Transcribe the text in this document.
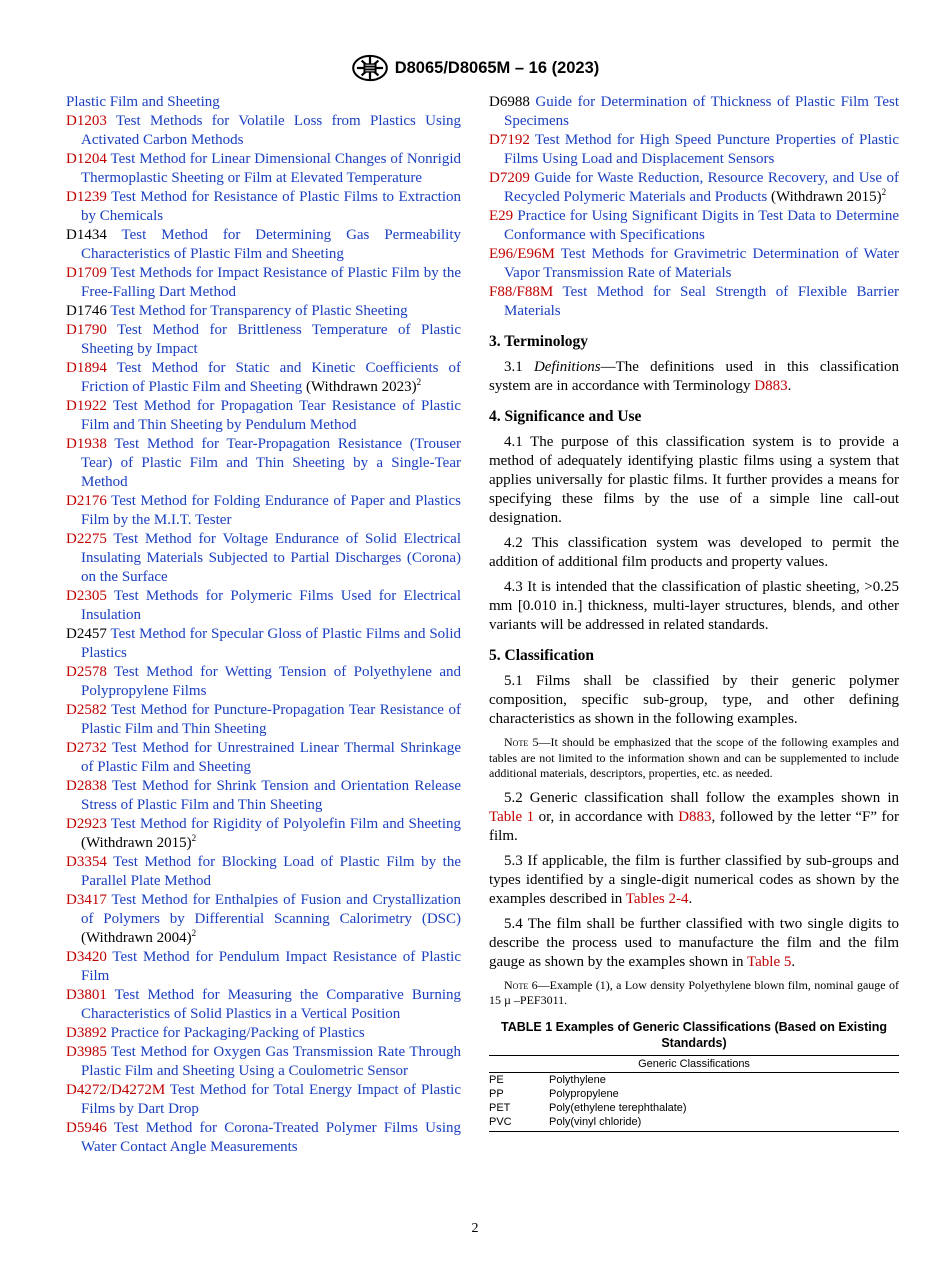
D8065/D8065M – 16 (2023)
Plastic Film and Sheeting
D1203 Test Methods for Volatile Loss from Plastics Using Activated Carbon Methods
D1204 Test Method for Linear Dimensional Changes of Nonrigid Thermoplastic Sheeting or Film at Elevated Temperature
D1239 Test Method for Resistance of Plastic Films to Extraction by Chemicals
D1434 Test Method for Determining Gas Permeability Characteristics of Plastic Film and Sheeting
D1709 Test Methods for Impact Resistance of Plastic Film by the Free-Falling Dart Method
D1746 Test Method for Transparency of Plastic Sheeting
D1790 Test Method for Brittleness Temperature of Plastic Sheeting by Impact
D1894 Test Method for Static and Kinetic Coefficients of Friction of Plastic Film and Sheeting (Withdrawn 2023)$^2$
D1922 Test Method for Propagation Tear Resistance of Plastic Film and Thin Sheeting by Pendulum Method
D1938 Test Method for Tear-Propagation Resistance (Trouser Tear) of Plastic Film and Thin Sheeting by a Single-Tear Method
D2176 Test Method for Folding Endurance of Paper and Plastics Film by the M.I.T. Tester
D2275 Test Method for Voltage Endurance of Solid Electrical Insulating Materials Subjected to Partial Discharges (Corona) on the Surface
D2305 Test Methods for Polymeric Films Used for Electrical Insulation
D2457 Test Method for Specular Gloss of Plastic Films and Solid Plastics
D2578 Test Method for Wetting Tension of Polyethylene and Polypropylene Films
D2582 Test Method for Puncture-Propagation Tear Resistance of Plastic Film and Thin Sheeting
D2732 Test Method for Unrestrained Linear Thermal Shrinkage of Plastic Film and Sheeting
D2838 Test Method for Shrink Tension and Orientation Release Stress of Plastic Film and Thin Sheeting
D2923 Test Method for Rigidity of Polyolefin Film and Sheeting (Withdrawn 2015)$^2$
D3354 Test Method for Blocking Load of Plastic Film by the Parallel Plate Method
D3417 Test Method for Enthalpies of Fusion and Crystallization of Polymers by Differential Scanning Calorimetry (DSC) (Withdrawn 2004)$^2$
D3420 Test Method for Pendulum Impact Resistance of Plastic Film
D3801 Test Method for Measuring the Comparative Burning Characteristics of Solid Plastics in a Vertical Position
D3892 Practice for Packaging/Packing of Plastics
D3985 Test Method for Oxygen Gas Transmission Rate Through Plastic Film and Sheeting Using a Coulometric Sensor
D4272/D4272M Test Method for Total Energy Impact of Plastic Films by Dart Drop
D5946 Test Method for Corona-Treated Polymer Films Using Water Contact Angle Measurements
D6988 Guide for Determination of Thickness of Plastic Film Test Specimens
D7192 Test Method for High Speed Puncture Properties of Plastic Films Using Load and Displacement Sensors
D7209 Guide for Waste Reduction, Resource Recovery, and Use of Recycled Polymeric Materials and Products (Withdrawn 2015)$^2$
E29 Practice for Using Significant Digits in Test Data to Determine Conformance with Specifications
E96/E96M Test Methods for Gravimetric Determination of Water Vapor Transmission Rate of Materials
F88/F88M Test Method for Seal Strength of Flexible Barrier Materials
3. Terminology
3.1 Definitions—The definitions used in this classification system are in accordance with Terminology D883.
4. Significance and Use
4.1 The purpose of this classification system is to provide a method of adequately identifying plastic films using a system that applies universally for plastic films. It further provides a means for specifying these films by the use of a simple line call-out designation.
4.2 This classification system was developed to permit the addition of additional film products and property values.
4.3 It is intended that the classification of plastic sheeting, >0.25 mm [0.010 in.] thickness, multi-layer structures, blends, and other variants will be addressed in related standards.
5. Classification
5.1 Films shall be classified by their generic polymer composition, specific sub-group, type, and other defining characteristics as shown in the following examples.
Note 5—It should be emphasized that the scope of the following examples and tables are not limited to the information shown and can be supplemented to include additional materials, descriptors, properties, etc. as needed.
5.2 Generic classification shall follow the examples shown in Table 1 or, in accordance with D883, followed by the letter “F” for film.
5.3 If applicable, the film is further classified by sub-groups and types identified by a single-digit numerical codes as shown by the examples described in Tables 2-4.
5.4 The film shall be further classified with two single digits to describe the process used to manufacture the film and the film gauge as shown by the examples shown in Table 5.
Note 6—Example (1), a Low density Polyethylene blown film, nominal gauge of 15 µ –PEF3011.
TABLE 1 Examples of Generic Classifications (Based on Existing Standards)
Generic Classifications	
PE	Polythylene
PP	Polypropylene
PET	Poly(ethylene terephthalate)
PVC	Poly(vinyl chloride)
2
